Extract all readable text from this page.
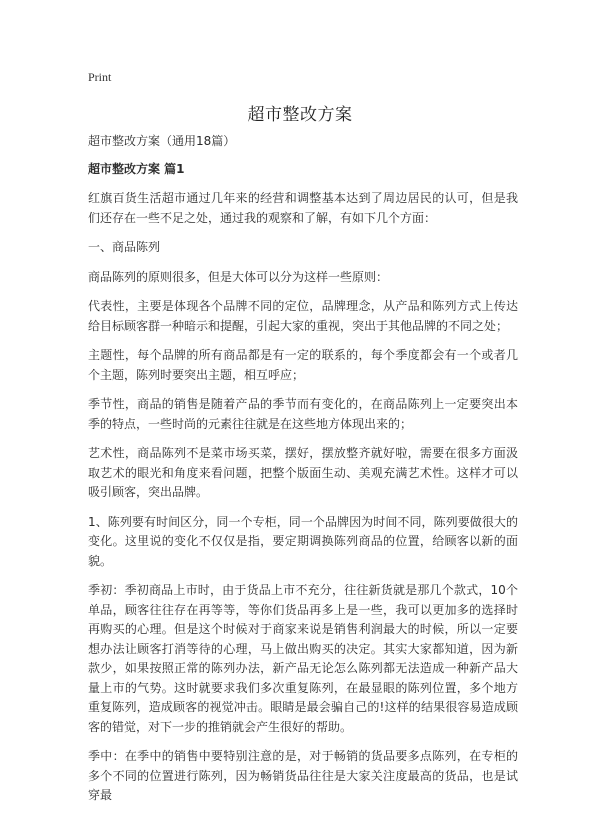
Print
超市整改方案

超市整改方案（通用18篇）

超市整改方案 篇1

红旗百货生活超市通过几年来的经营和调整基本达到了周边居民的认可，但是我们还存在一些不足之处，通过我的观察和了解，有如下几个方面：

一、商品陈列

商品陈列的原则很多，但是大体可以分为这样一些原则：

代表性，主要是体现各个品牌不同的定位，品牌理念，从产品和陈列方式上传达给目标顾客群一种暗示和提醒，引起大家的重视，突出于其他品牌的不同之处；

主题性，每个品牌的所有商品都是有一定的联系的，每个季度都会有一个或者几个主题，陈列时要突出主题，相互呼应；

季节性，商品的销售是随着产品的季节而有变化的，在商品陈列上一定要突出本季的特点，一些时尚的元素往往就是在这些地方体现出来的；

艺术性，商品陈列不是菜市场买菜，摆好，摆放整齐就好啦，需要在很多方面汲取艺术的眼光和角度来看问题，把整个版面生动、美观充满艺术性。这样才可以吸引顾客，突出品牌。

1、陈列要有时间区分，同一个专柜，同一个品牌因为时间不同，陈列要做很大的变化。这里说的变化不仅仅是指，要定期调换陈列商品的位置，给顾客以新的面貌。

季初：季初商品上市时，由于货品上市不充分，往往新货就是那几个款式，10个单品，顾客往往存在再等等，等你们货品再多上是一些，我可以更加多的选择时再购买的心理。但是这个时候对于商家来说是销售利润最大的时候，所以一定要想办法让顾客打消等待的心理，马上做出购买的决定。其实大家都知道，因为新款少，如果按照正常的陈列办法，新产品无论怎么陈列都无法造成一种新产品大量上市的气势。这时就要求我们多次重复陈列，在最显眼的陈列位置，多个地方重复陈列，造成顾客的视觉冲击。眼睛是最会骗自己的!这样的结果很容易造成顾客的错觉，对下一步的推销就会产生很好的帮助。

季中：在季中的销售中要特别注意的是，对于畅销的货品要多点陈列，在专柜的多个不同的位置进行陈列，因为畅销货品往往是大家关注度最高的货品，也是试穿最
